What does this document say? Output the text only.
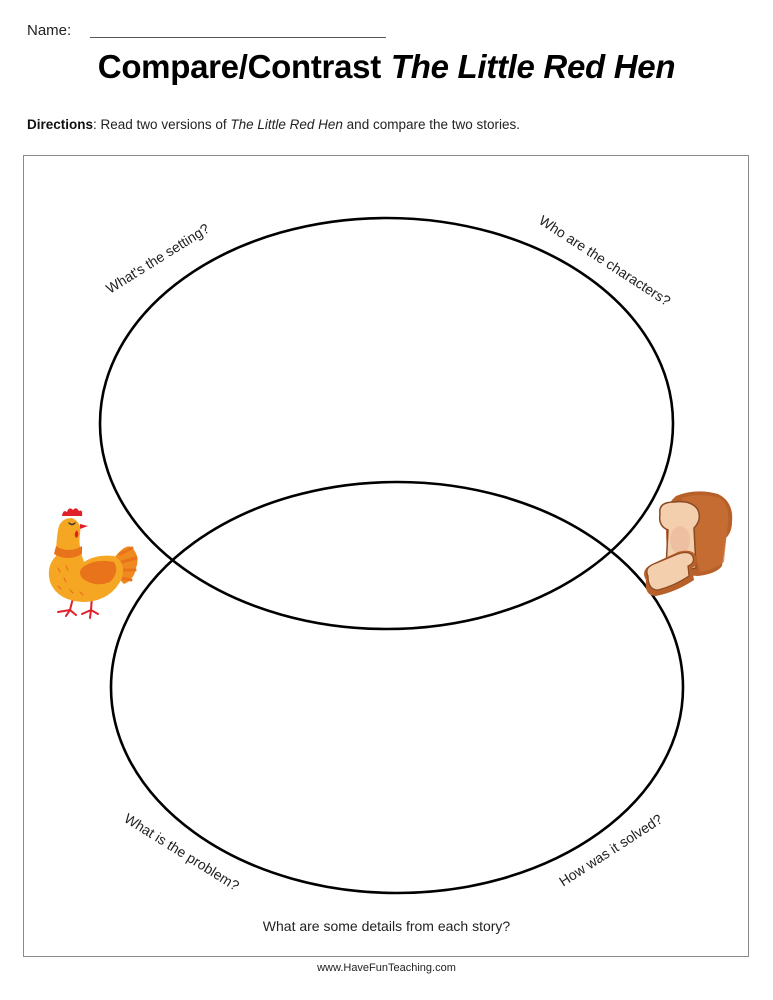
Name:
Compare/Contrast The Little Red Hen
Directions: Read two versions of The Little Red Hen and compare the two stories.
What's the setting?	Who are the characters?
What is the problem?	How was it solved?
What are some details from each story?
www.HaveFunTeaching.com
